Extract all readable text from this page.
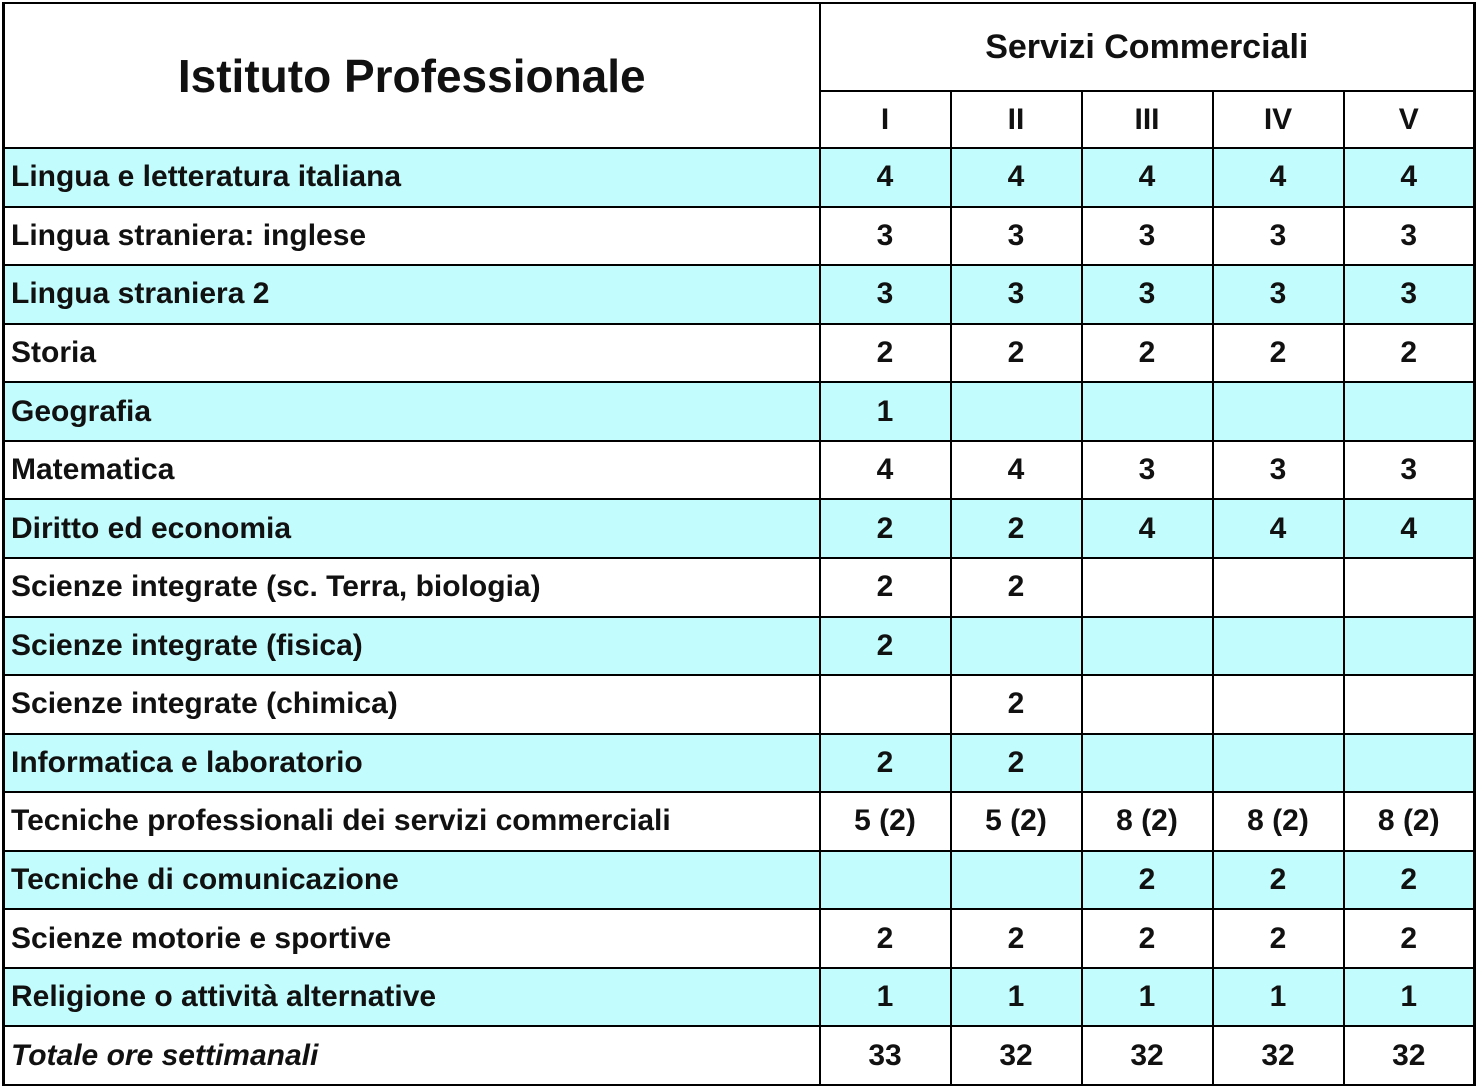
Istituto Professionale	Servizi Commerciali				
	I	II	III	IV	V
Lingua e letteratura italiana	4	4	4	4	4
Lingua straniera: inglese	3	3	3	3	3
Lingua straniera 2	3	3	3	3	3
Storia	2	2	2	2	2
Geografia	1				
Matematica	4	4	3	3	3
Diritto ed economia	2	2	4	4	4
Scienze integrate (sc. Terra, biologia)	2	2			
Scienze integrate (fisica)	2				
Scienze integrate (chimica)		2			
Informatica e laboratorio	2	2			
Tecniche professionali dei servizi commerciali	5 (2)	5 (2)	8 (2)	8 (2)	8 (2)
Tecniche di comunicazione			2	2	2
Scienze motorie e sportive	2	2	2	2	2
Religione o attività alternative	1	1	1	1	1
Totale ore settimanali	33	32	32	32	32
